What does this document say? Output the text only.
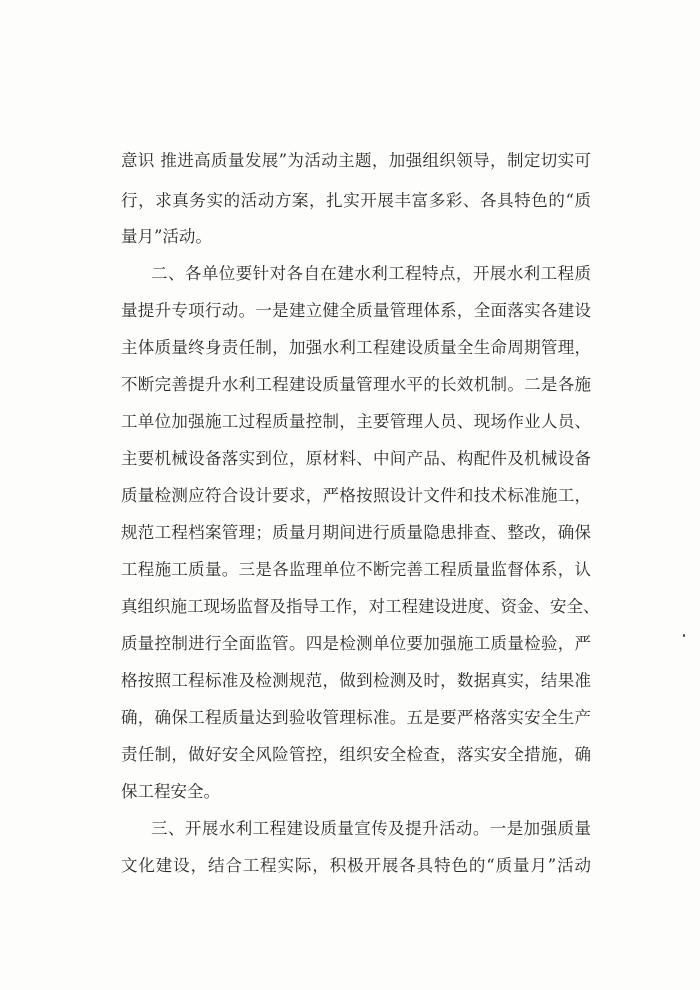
意识 推进高质量发展”为活动主题，加强组织领导，制定切实可
行，求真务实的活动方案，扎实开展丰富多彩、各具特色的“质
量月”活动。
二、各单位要针对各自在建水利工程特点，开展水利工程质
量提升专项行动。一是建立健全质量管理体系，全面落实各建设
主体质量终身责任制，加强水利工程建设质量全生命周期管理，
不断完善提升水利工程建设质量管理水平的长效机制。二是各施
工单位加强施工过程质量控制，主要管理人员、现场作业人员、
主要机械设备落实到位，原材料、中间产品、构配件及机械设备
质量检测应符合设计要求，严格按照设计文件和技术标准施工，
规范工程档案管理；质量月期间进行质量隐患排查、整改，确保
工程施工质量。三是各监理单位不断完善工程质量监督体系，认
真组织施工现场监督及指导工作，对工程建设进度、资金、安全、
质量控制进行全面监管。四是检测单位要加强施工质量检验，严
格按照工程标准及检测规范，做到检测及时，数据真实，结果准
确，确保工程质量达到验收管理标准。五是要严格落实安全生产
责任制，做好安全风险管控，组织安全检查，落实安全措施，确
保工程安全。
三、开展水利工程建设质量宣传及提升活动。一是加强质量
文化建设，结合工程实际，积极开展各具特色的“质量月”活动
